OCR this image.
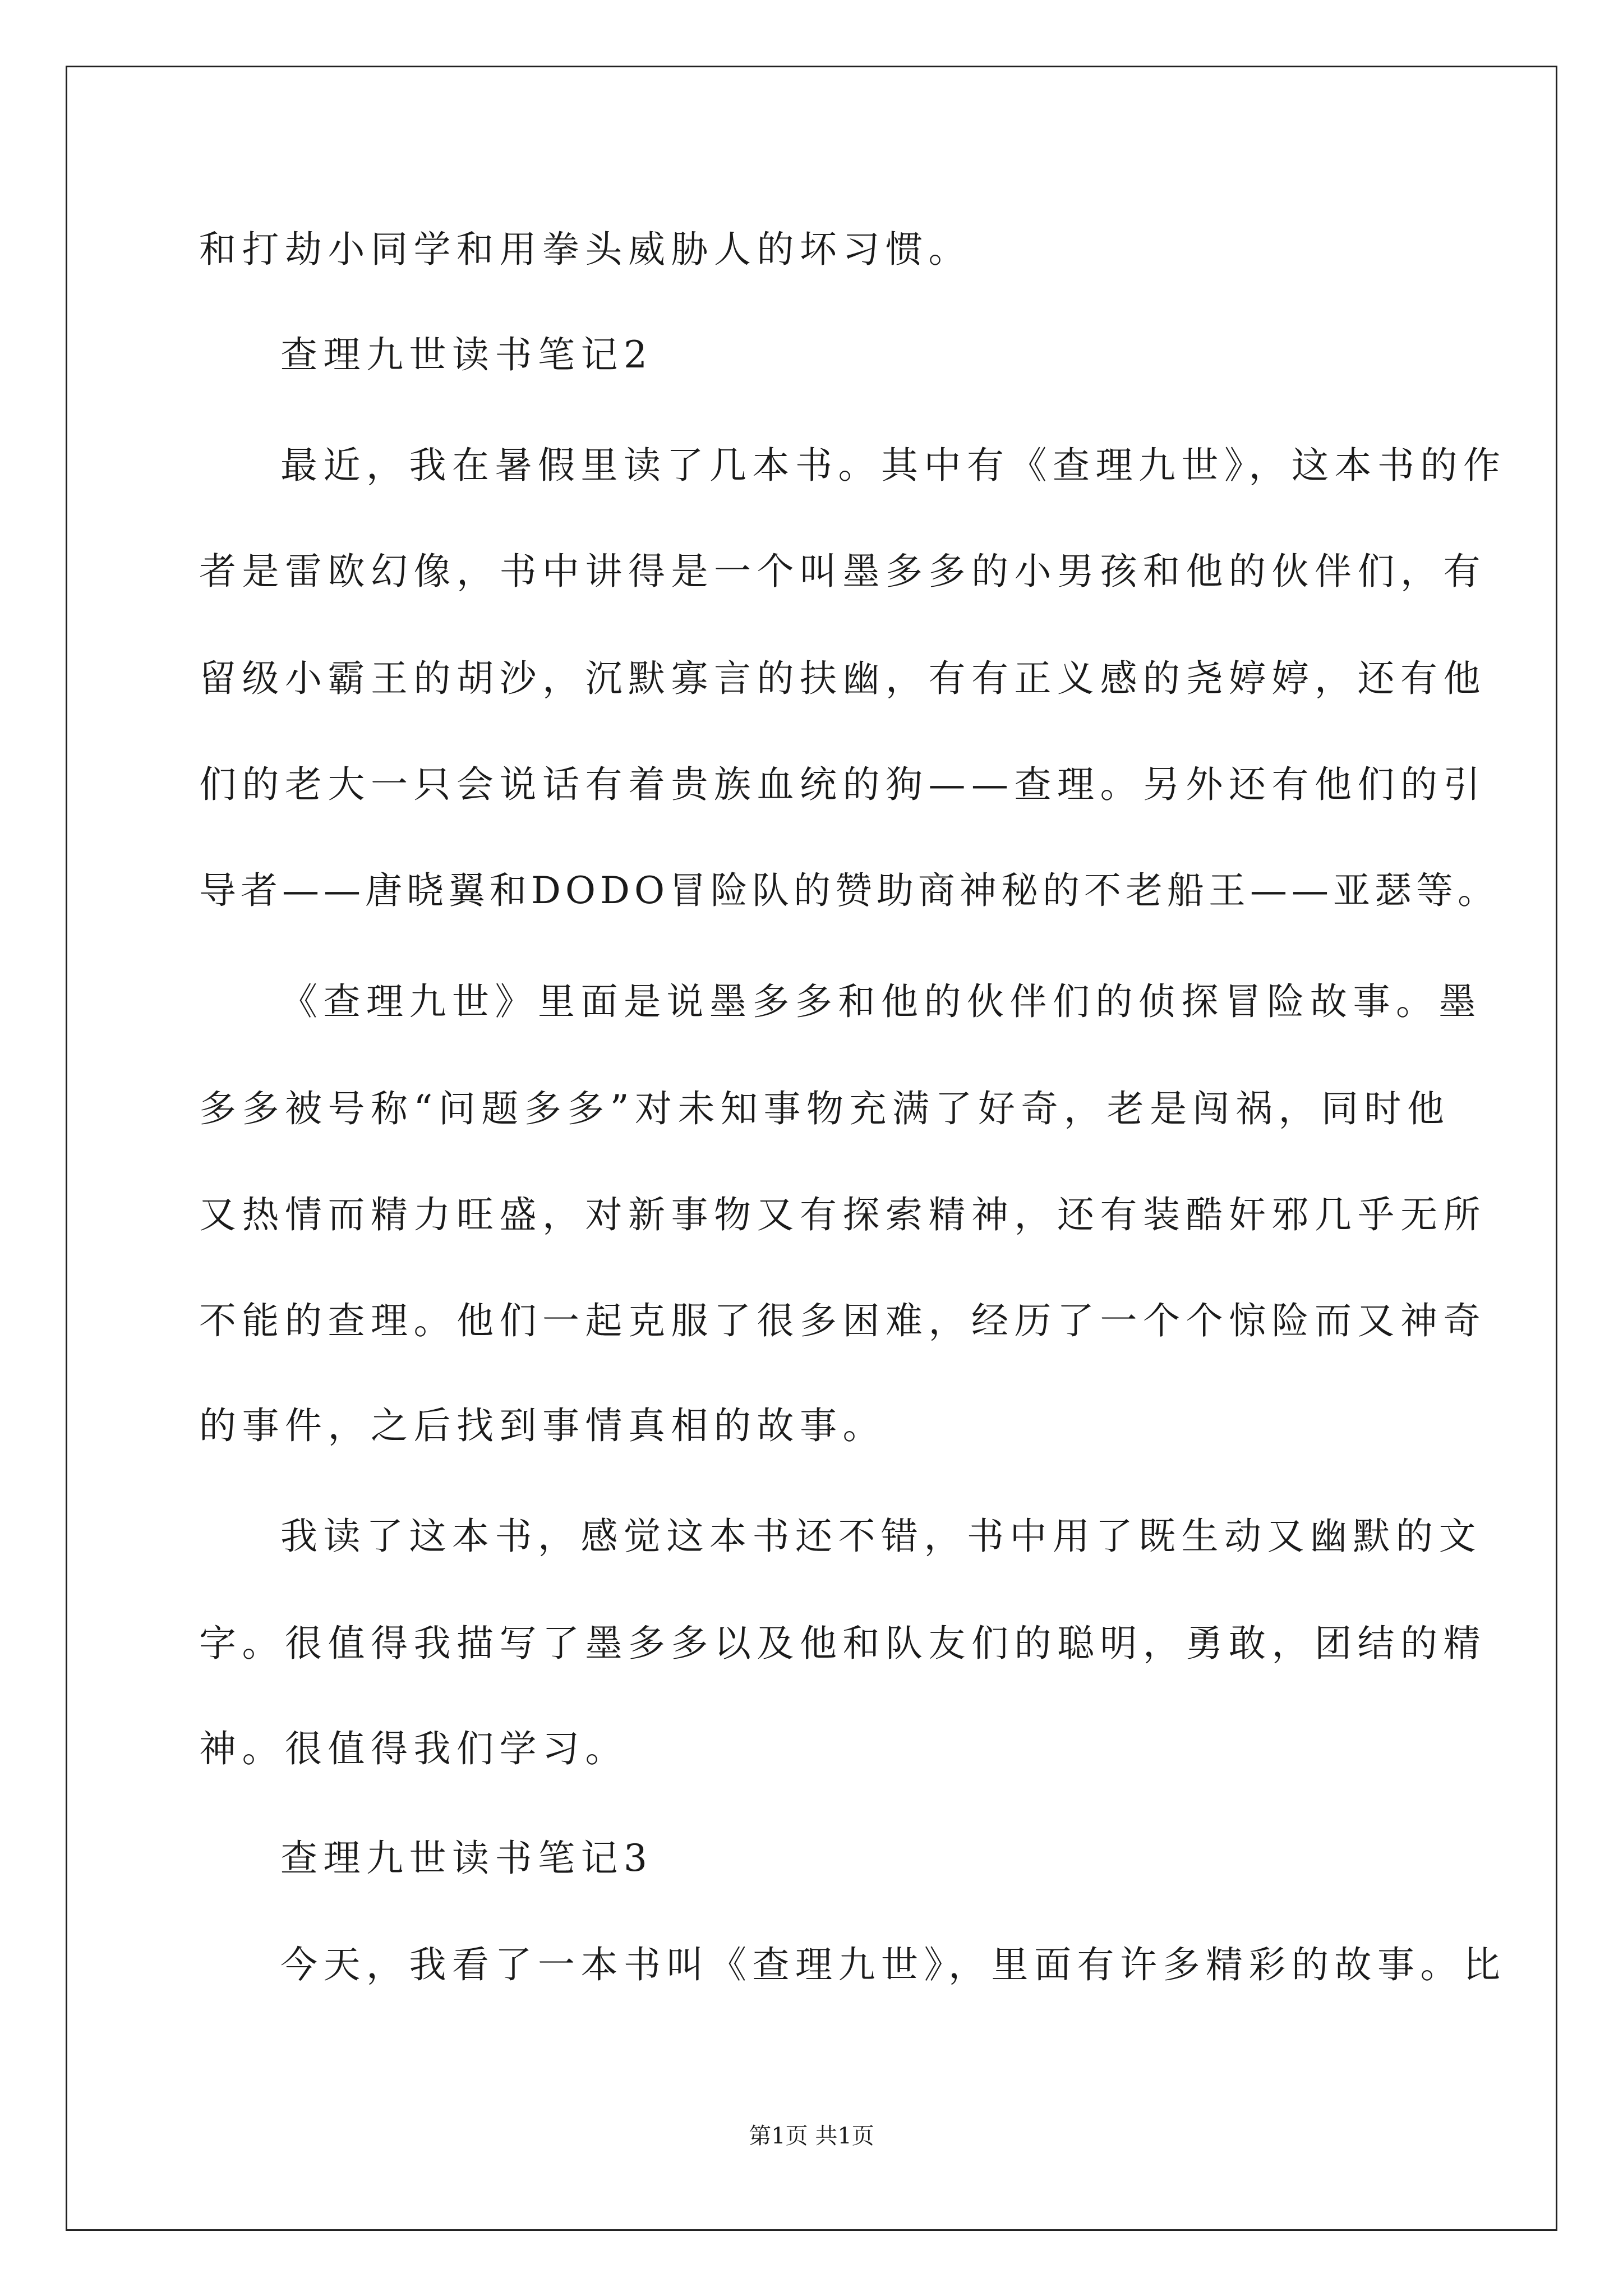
和打劫小同学和用拳头威胁人的坏习惯。
查理九世读书笔记2
最近，我在暑假里读了几本书。其中有《查理九世》，这本书的作
者是雷欧幻像，书中讲得是一个叫墨多多的小男孩和他的伙伴们，有
留级小霸王的胡沙，沉默寡言的扶幽，有有正义感的尧婷婷，还有他
们的老大一只会说话有着贵族血统的狗——查理。另外还有他们的引
导者——唐晓翼和DODO冒险队的赞助商神秘的不老船王——亚瑟等。
《查理九世》里面是说墨多多和他的伙伴们的侦探冒险故事。墨
多多被号称“问题多多”对未知事物充满了好奇，老是闯祸，同时他
又热情而精力旺盛，对新事物又有探索精神，还有装酷奸邪几乎无所
不能的查理。他们一起克服了很多困难，经历了一个个惊险而又神奇
的事件，之后找到事情真相的故事。
我读了这本书，感觉这本书还不错，书中用了既生动又幽默的文
字。很值得我描写了墨多多以及他和队友们的聪明，勇敢，团结的精
神。很值得我们学习。
查理九世读书笔记3
今天，我看了一本书叫《查理九世》，里面有许多精彩的故事。比
第1页 共1页
